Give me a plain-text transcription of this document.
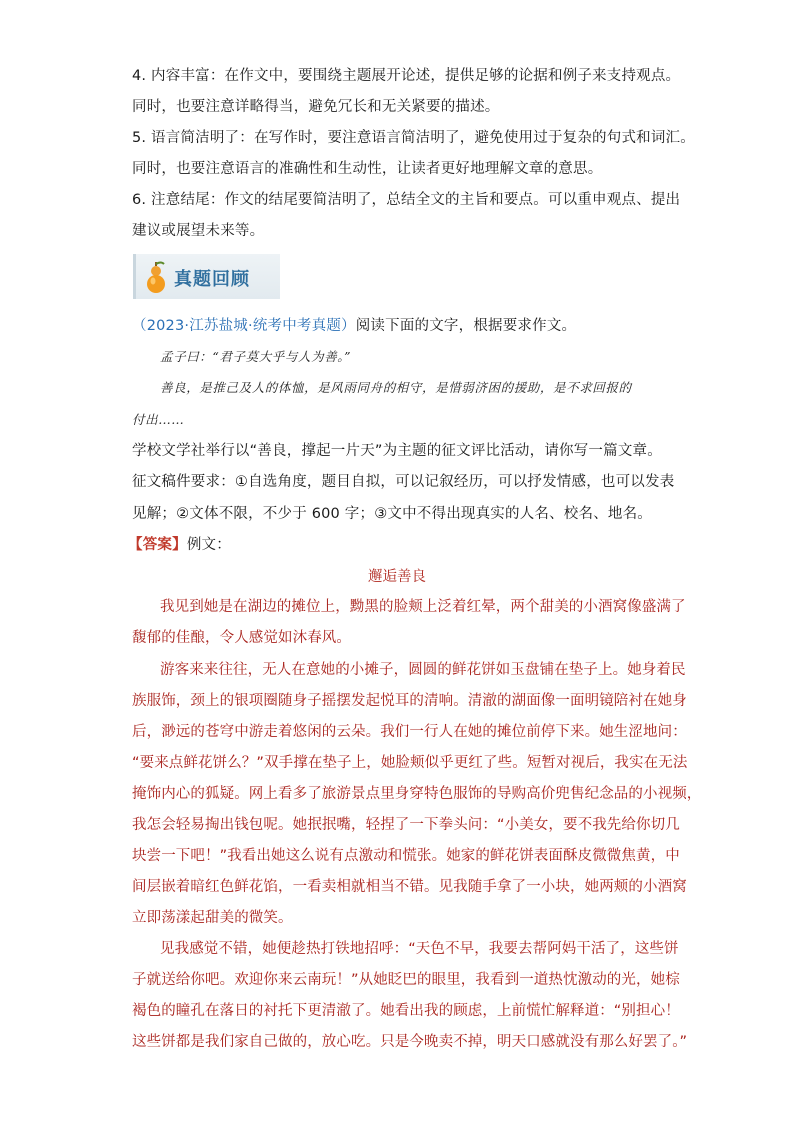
4. 内容丰富：在作文中，要围绕主题展开论述，提供足够的论据和例子来支持观点。
同时，也要注意详略得当，避免冗长和无关紧要的描述。
5. 语言简洁明了：在写作时，要注意语言简洁明了，避免使用过于复杂的句式和词汇。
同时，也要注意语言的准确性和生动性，让读者更好地理解文章的意思。
6. 注意结尾：作文的结尾要简洁明了，总结全文的主旨和要点。可以重申观点、提出
建议或展望未来等。
真题回顾
（2023·江苏盐城·统考中考真题）阅读下面的文字，根据要求作文。
孟子曰：“君子莫大乎与人为善。”
善良，是推己及人的体恤，是风雨同舟的相守，是惜弱济困的援助，是不求回报的
付出……
学校文学社举行以“善良，撑起一片天”为主题的征文评比活动，请你写一篇文章。
征文稿件要求：①自选角度，题目自拟，可以记叙经历，可以抒发情感，也可以发表
见解；②文体不限，不少于 600 字；③文中不得出现真实的人名、校名、地名。
【答案】例文：
邂逅善良
我见到她是在湖边的摊位上，黝黑的脸颊上泛着红晕，两个甜美的小酒窝像盛满了
馥郁的佳酿，令人感觉如沐春风。
游客来来往往，无人在意她的小摊子，圆圆的鲜花饼如玉盘铺在垫子上。她身着民
族服饰，颈上的银项圈随身子摇摆发起悦耳的清响。清澈的湖面像一面明镜陪衬在她身
后，渺远的苍穹中游走着悠闲的云朵。我们一行人在她的摊位前停下来。她生涩地问：
“要来点鲜花饼么？”双手撑在垫子上，她脸颊似乎更红了些。短暂对视后，我实在无法
掩饰内心的狐疑。网上看多了旅游景点里身穿特色服饰的导购高价兜售纪念品的小视频，
我怎会轻易掏出钱包呢。她抿抿嘴，轻捏了一下拳头问：“小美女，要不我先给你切几
块尝一下吧！”我看出她这么说有点激动和慌张。她家的鲜花饼表面酥皮微微焦黄，中
间层嵌着暗红色鲜花馅，一看卖相就相当不错。见我随手拿了一小块，她两颊的小酒窝
立即荡漾起甜美的微笑。
见我感觉不错，她便趁热打铁地招呼：“天色不早，我要去帮阿妈干活了，这些饼
子就送给你吧。欢迎你来云南玩！”从她眨巴的眼里，我看到一道热忱激动的光，她棕
褐色的瞳孔在落日的衬托下更清澈了。她看出我的顾虑，上前慌忙解释道：“别担心！
这些饼都是我们家自己做的，放心吃。只是今晚卖不掉，明天口感就没有那么好罢了。”
